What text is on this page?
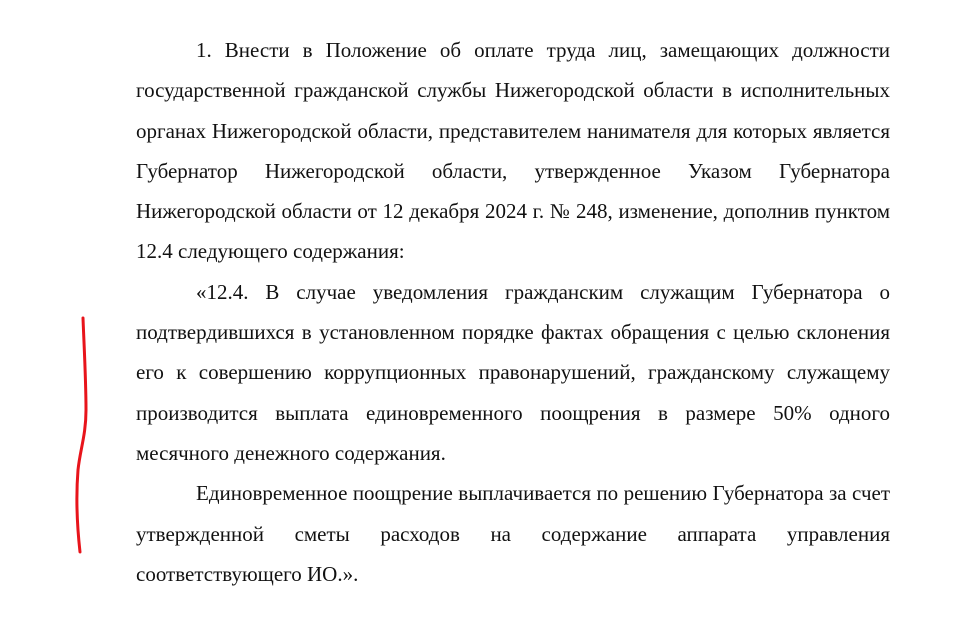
1. Внести в Положение об оплате труда лиц, замещающих должности государственной гражданской службы Нижегородской области в исполнительных органах Нижегородской области, представителем нанимателя для которых является Губернатор Нижегородской области, утвержденное Указом Губернатора Нижегородской области от 12 декабря 2024 г. № 248, изменение, дополнив пунктом 12.4 следующего содержания:

«12.4. В случае уведомления гражданским служащим Губернатора о подтвердившихся в установленном порядке фактах обращения с целью склонения его к совершению коррупционных правонарушений, гражданскому служащему производится выплата единовременного поощрения в размере 50% одного месячного денежного содержания.

Единовременное поощрение выплачивается по решению Губернатора за счет утвержденной сметы расходов на содержание аппарата управления соответствующего ИО.».
